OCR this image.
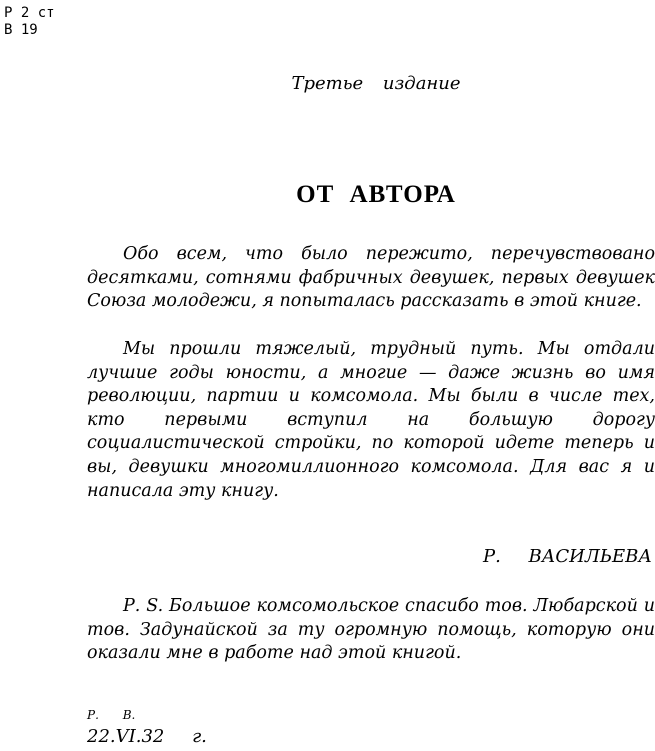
Р 2 ст
В 19
Третье издание
ОТ АВТОРА

Обо всем, что было пережито, перечувствовано десятками, сотнями фабричных девушек, первых девушек Союза молодежи, я попыталась рассказать в этой книге.

Мы прошли тяжелый, трудный путь. Мы отдали лучшие годы юности, а многие — даже жизнь во имя революции, партии и комсомола. Мы были в числе тех, кто первыми вступил на большую дорогу социалистической стройки, по которой идете теперь и вы, девушки многомиллионного комсомола. Для вас я и написала эту книгу.

Р. ВАСИЛЬЕВА

Р. S. Большое комсомольское спасибо тов. Любарской и тов. Задунайской за ту огромную помощь, которую они оказали мне в работе над этой книгой.

Р. В.
22.VI.32 г.
